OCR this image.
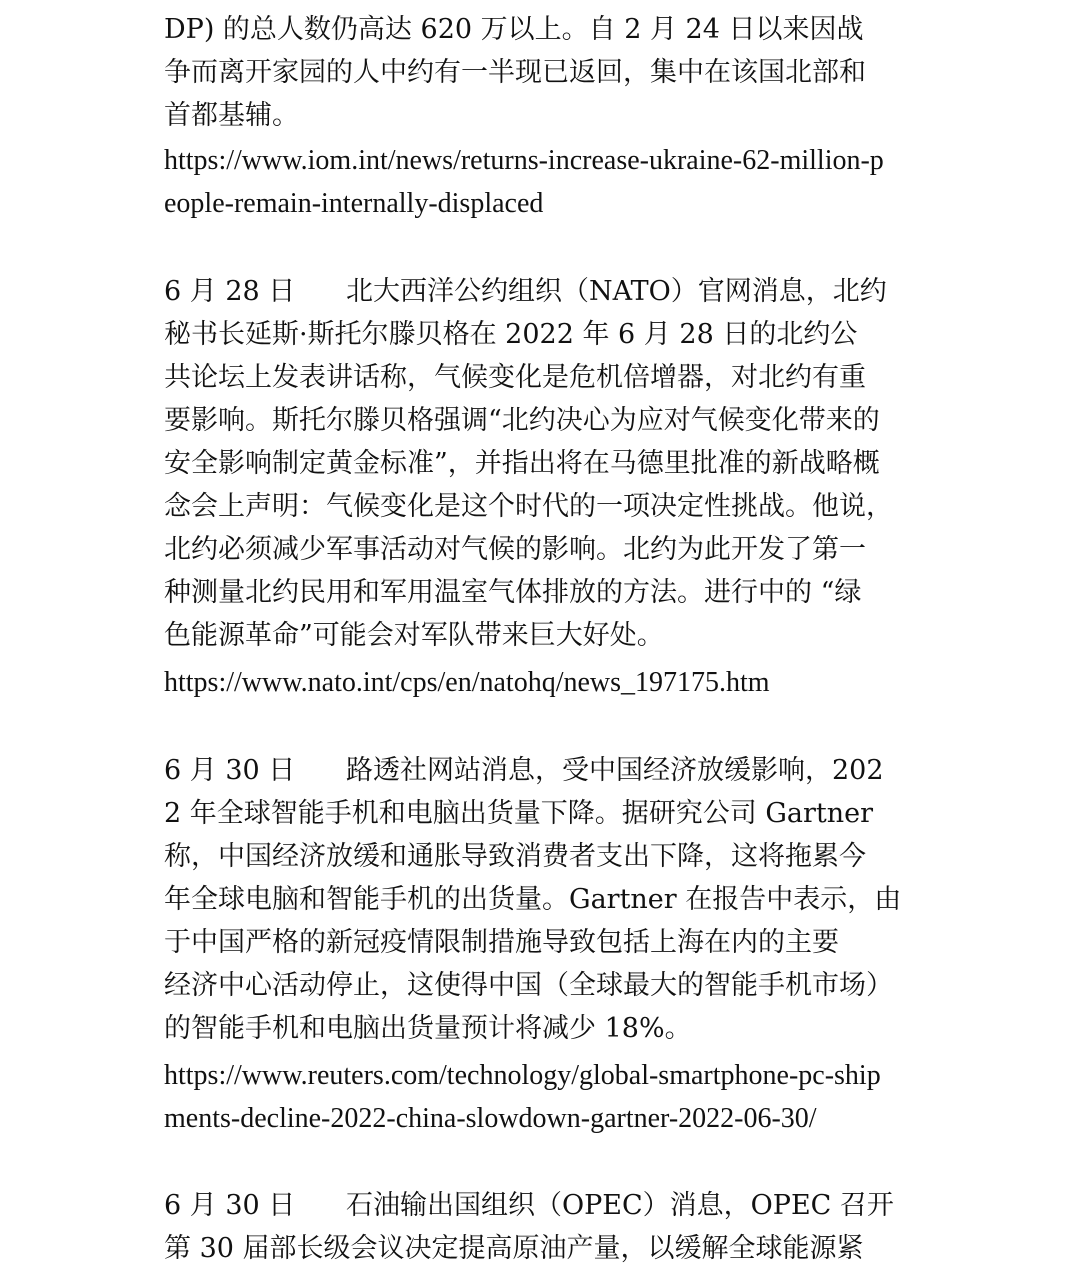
DP) 的总人数仍高达 620 万以上。自 2 月 24 日以来因战
争而离开家园的人中约有一半现已返回，集中在该国北部和
首都基辅。
https://www.iom.int/news/returns-increase-ukraine-62-million-p
eople-remain-internally-displaced
6 月 28 日 北大西洋公约组织（NATO）官网消息，北约
秘书长延斯·斯托尔滕贝格在 2022 年 6 月 28 日的北约公
共论坛上发表讲话称，气候变化是危机倍增器，对北约有重
要影响。斯托尔滕贝格强调“北约决心为应对气候变化带来的
安全影响制定黄金标准”，并指出将在马德里批准的新战略概
念会上声明：气候变化是这个时代的一项决定性挑战。他说，
北约必须减少军事活动对气候的影响。北约为此开发了第一
种测量北约民用和军用温室气体排放的方法。进行中的 “绿
色能源革命”可能会对军队带来巨大好处。
https://www.nato.int/cps/en/natohq/news_197175.htm
6 月 30 日 路透社网站消息，受中国经济放缓影响，202
2 年全球智能手机和电脑出货量下降。据研究公司 Gartner
称，中国经济放缓和通胀导致消费者支出下降，这将拖累今
年全球电脑和智能手机的出货量。Gartner 在报告中表示，由
于中国严格的新冠疫情限制措施导致包括上海在内的主要
经济中心活动停止，这使得中国（全球最大的智能手机市场）
的智能手机和电脑出货量预计将减少 18%。
https://www.reuters.com/technology/global-smartphone-pc-ship
ments-decline-2022-china-slowdown-gartner-2022-06-30/
6 月 30 日 石油输出国组织（OPEC）消息，OPEC 召开
第 30 届部长级会议决定提高原油产量，以缓解全球能源紧
